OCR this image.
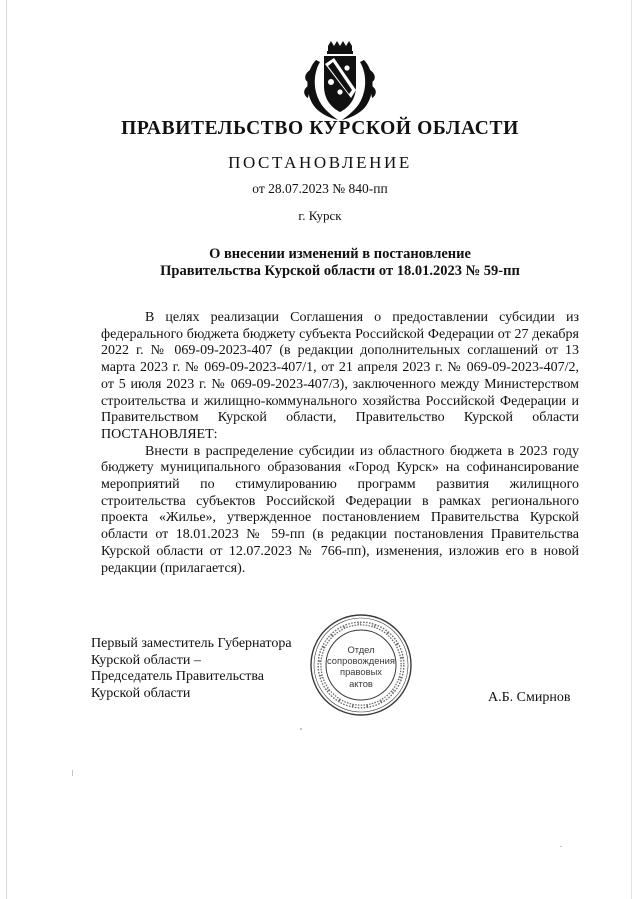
ПРАВИТЕЛЬСТВО КУРСКОЙ ОБЛАСТИ
ПОСТАНОВЛЕНИЕ
от 28.07.2023 № 840-пп
г. Курск
О внесении изменений в постановление
Правительства Курской области от 18.01.2023 № 59-пп

В целях реализации Соглашения о предоставлении субсидии из федерального бюджета бюджету субъекта Российской Федерации от 27 декабря 2022 г. № 069-09-2023-407 (в редакции дополнительных соглашений от 13 марта 2023 г. № 069-09-2023-407/1, от 21 апреля 2023 г. № 069-09-2023-407/2, от 5 июля 2023 г. № 069-09-2023-407/3), заключенного между Министерством строительства и жилищно-коммунального хозяйства Российской Федерации и Правительством Курской области, Правительство Курской области ПОСТАНОВЛЯЕТ:

Внести в распределение субсидии из областного бюджета в 2023 году бюджету муниципального образования «Город Курск» на софинансирование мероприятий по стимулированию программ развития жилищного строительства субъектов Российской Федерации в рамках регионального проекта «Жилье», утвержденное постановлением Правительства Курской области от 18.01.2023 № 59-пп (в редакции постановления Правительства Курской области от 12.07.2023 № 766-пп), изменения, изложив его в новой редакции (прилагается).

Первый заместитель Губернатора
Курской области –
Председатель Правительства
Курской области
Отдел
сопровождения
правовых
актов
А.Б. Смирнов
